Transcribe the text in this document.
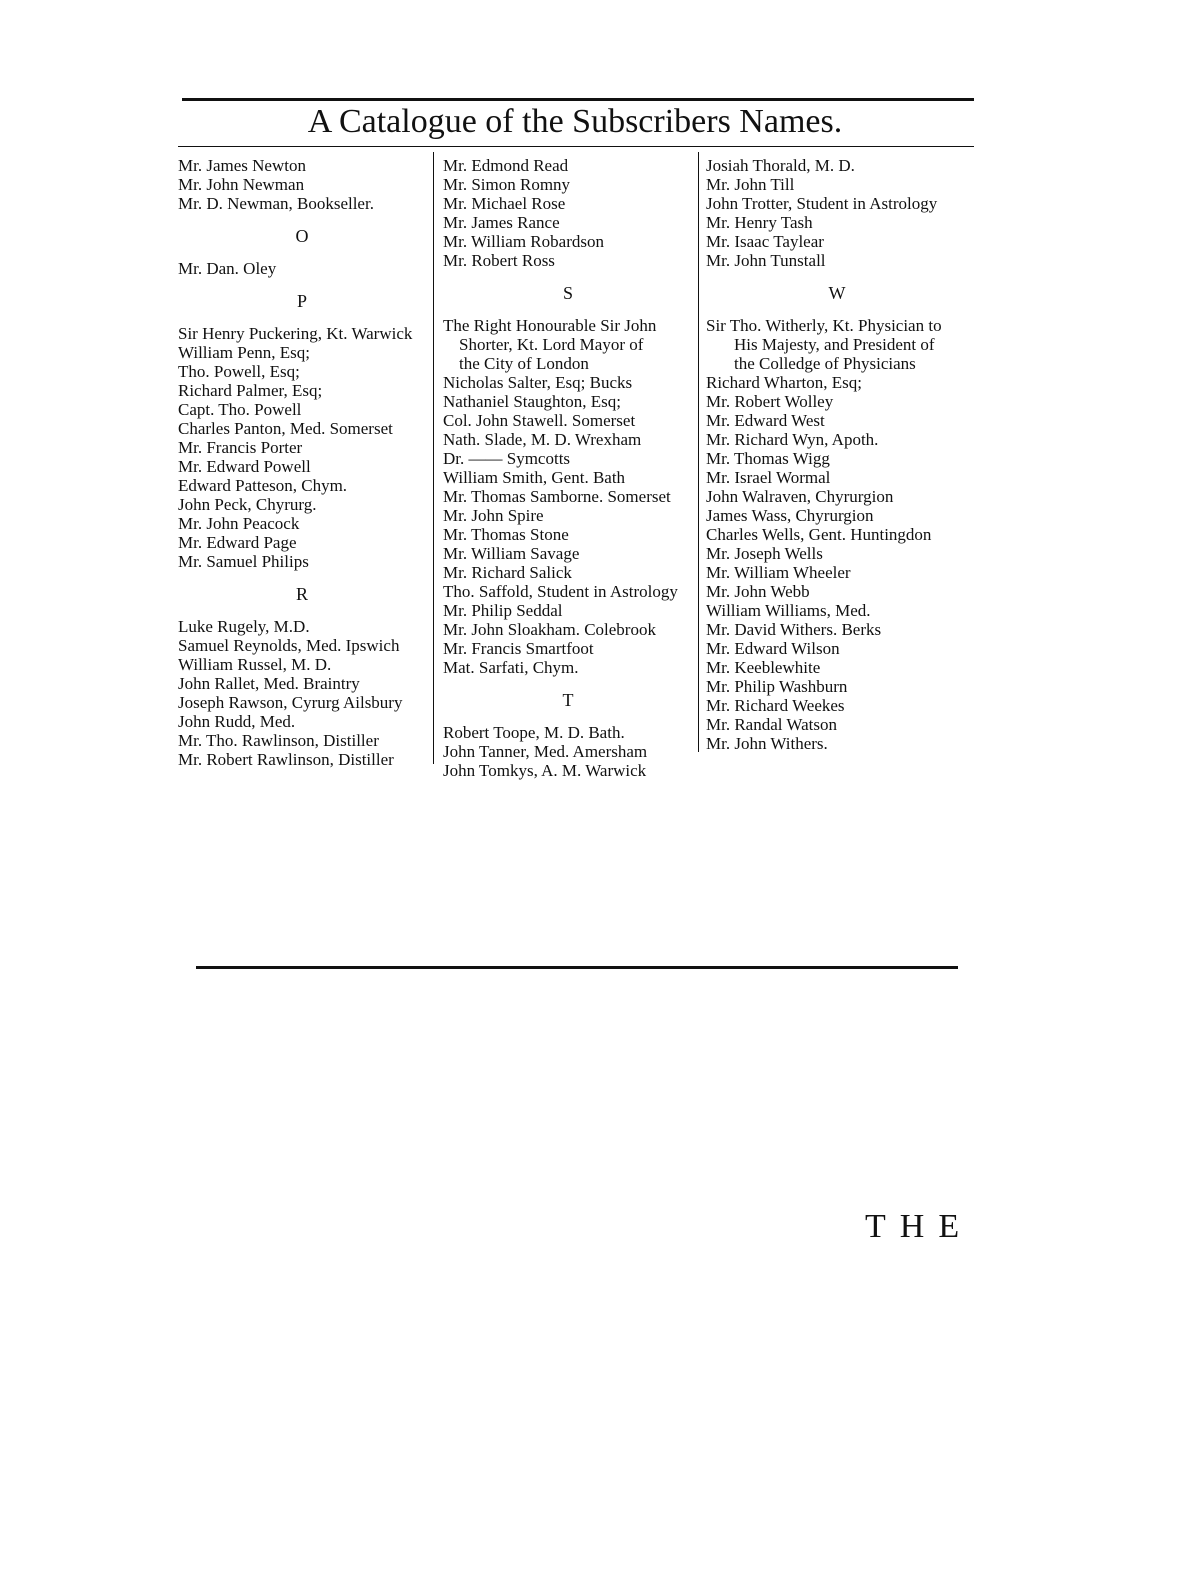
A Catalogue of the Subscribers Names.
Mr. James Newton
Mr. John Newman
Mr. D. Newman, Bookseller.
O
Mr. Dan. Oley
P
Sir Henry Puckering, Kt. Warwick
William Penn, Esq;
Tho. Powell, Esq;
Richard Palmer, Esq;
Capt. Tho. Powell
Charles Panton, Med. Somerset
Mr. Francis Porter
Mr. Edward Powell
Edward Patteson, Chym.
John Peck, Chyrurg.
Mr. John Peacock
Mr. Edward Page
Mr. Samuel Philips
R
Luke Rugely, M.D.
Samuel Reynolds, Med. Ipswich
William Russel, M. D.
John Rallet, Med. Braintry
Joseph Rawson, Cyrurg Ailsbury
John Rudd, Med.
Mr. Tho. Rawlinson, Distiller
Mr. Robert Rawlinson, Distiller
Mr. Edmond Read
Mr. Simon Romny
Mr. Michael Rose
Mr. James Rance
Mr. William Robardson
Mr. Robert Ross
S
The Right Honourable Sir John
Shorter, Kt. Lord Mayor of
the City of London
Nicholas Salter, Esq; Bucks
Nathaniel Staughton, Esq;
Col. John Stawell. Somerset
Nath. Slade, M. D. Wrexham
Dr. —— Symcotts
William Smith, Gent. Bath
Mr. Thomas Samborne. Somerset
Mr. John Spire
Mr. Thomas Stone
Mr. William Savage
Mr. Richard Salick
Tho. Saffold, Student in Astrology
Mr. Philip Seddal
Mr. John Sloakham. Colebrook
Mr. Francis Smartfoot
Mat. Sarfati, Chym.
T
Robert Toope, M. D. Bath.
John Tanner, Med. Amersham
John Tomkys, A. M. Warwick
Josiah Thorald, M. D.
Mr. John Till
John Trotter, Student in Astrology
Mr. Henry Tash
Mr. Isaac Taylear
Mr. John Tunstall
W
Sir Tho. Witherly, Kt. Physician to
His Majesty, and President of
the Colledge of Physicians
Richard Wharton, Esq;
Mr. Robert Wolley
Mr. Edward West
Mr. Richard Wyn, Apoth.
Mr. Thomas Wigg
Mr. Israel Wormal
John Walraven, Chyrurgion
James Wass, Chyrurgion
Charles Wells, Gent. Huntingdon
Mr. Joseph Wells
Mr. William Wheeler
Mr. John Webb
William Williams, Med.
Mr. David Withers. Berks
Mr. Edward Wilson
Mr. Keeblewhite
Mr. Philip Washburn
Mr. Richard Weekes
Mr. Randal Watson
Mr. John Withers.
THE
